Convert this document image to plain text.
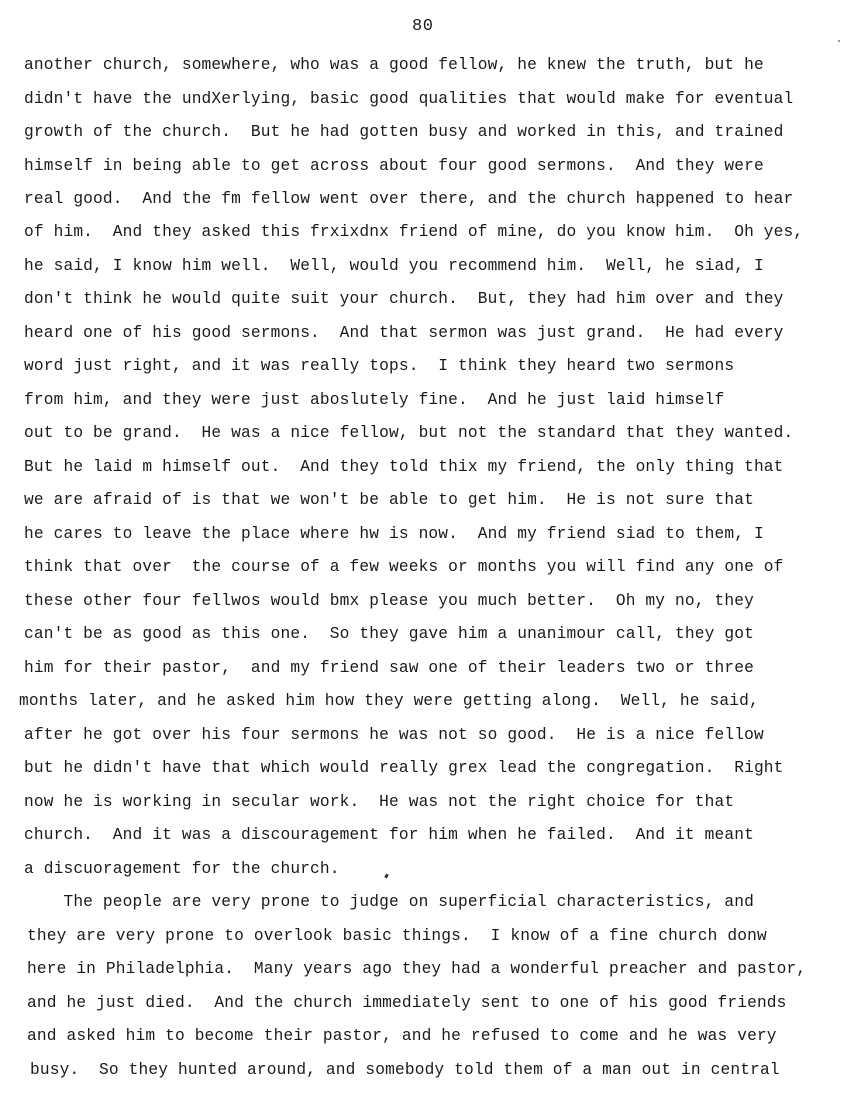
80
another church, somewhere, who was a good fellow, he knew the truth, but he
didn't have the undXerlying, basic good qualities that would make for eventual
growth of the church.  But he had gotten busy and worked in this, and trained
himself in being able to get across about four good sermons.  And they were
real good.  And the fm fellow went over there, and the church happened to hear
of him.  And they asked this frxixdnx friend of mine, do you know him.  Oh yes,
he said, I know him well.  Well, would you recommend him.  Well, he siad, I
don't think he would quite suit your church.  But, they had him over and they
heard one of his good sermons.  And that sermon was just grand.  He had every
word just right, and it was really tops.  I think they heard two sermons
from him, and they were just aboslutely fine.  And he just laid himself
out to be grand.  He was a nice fellow, but not the standard that they wanted.
But he laid m himself out.  And they told thix my friend, the only thing that
we are afraid of is that we won't be able to get him.  He is not sure that
he cares to leave the place where hw is now.  And my friend siad to them, I
think that over  the course of a few weeks or months you will find any one of
these other four fellwos would bmx please you much better.  Oh my no, they
can't be as good as this one.  So they gave him a unanimour call, they got
him for their pastor,  and my friend saw one of their leaders two or three
months later, and he asked him how they were getting along.  Well, he said,
after he got over his four sermons he was not so good.  He is a nice fellow
but he didn't have that which would really grex lead the congregation.  Right
now he is working in secular work.  He was not the right choice for that
church.  And it was a discouragement for him when he failed.  And it meant
a discuoragement for the church.
The people are very prone to judge on superficial characteristics, and
they are very prone to overlook basic things.  I know of a fine church donw
here in Philadelphia.  Many years ago they had a wonderful preacher and pastor,
and he just died.  And the church immediately sent to one of his good friends
and asked him to become their pastor, and he refused to come and he was very
busy.  So they hunted around, and somebody told them of a man out in central
